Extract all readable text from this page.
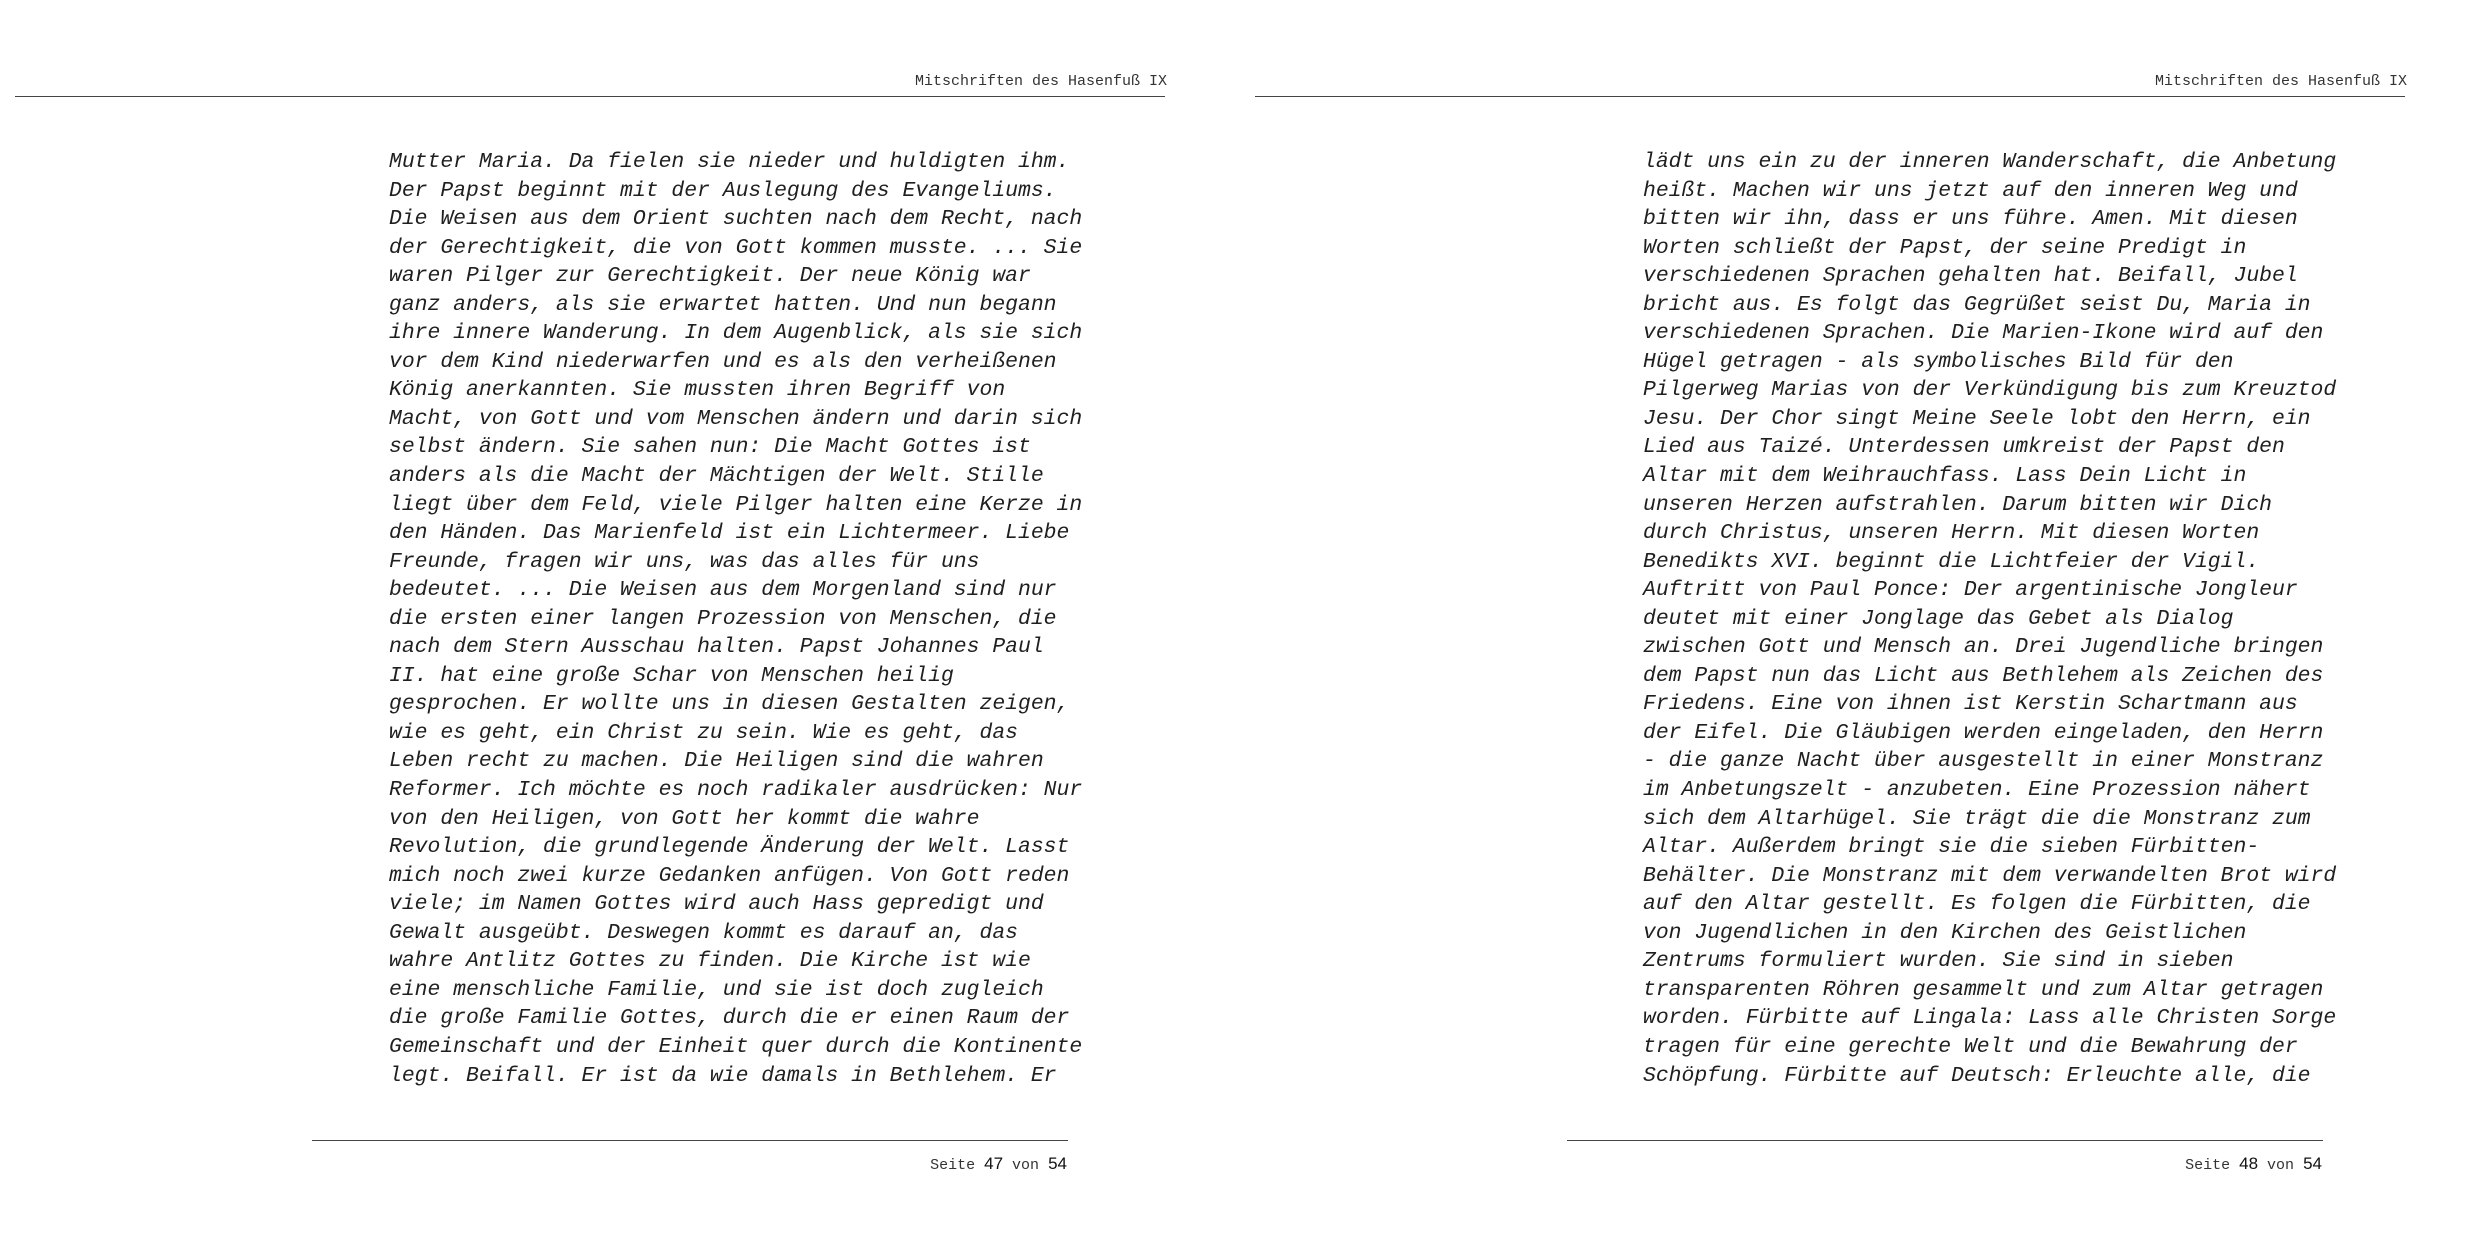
Mitschriften des Hasenfuß IX
Mutter Maria. Da fielen sie nieder und huldigten ihm.
Der Papst beginnt mit der Auslegung des Evangeliums.
Die Weisen aus dem Orient suchten nach dem Recht, nach
der Gerechtigkeit, die von Gott kommen musste. ... Sie
waren Pilger zur Gerechtigkeit. Der neue König war
ganz anders, als sie erwartet hatten. Und nun begann
ihre innere Wanderung. In dem Augenblick, als sie sich
vor dem Kind niederwarfen und es als den verheißenen
König anerkannten. Sie mussten ihren Begriff von
Macht, von Gott und vom Menschen ändern und darin sich
selbst ändern. Sie sahen nun: Die Macht Gottes ist
anders als die Macht der Mächtigen der Welt. Stille
liegt über dem Feld, viele Pilger halten eine Kerze in
den Händen. Das Marienfeld ist ein Lichtermeer. Liebe
Freunde, fragen wir uns, was das alles für uns
bedeutet. ... Die Weisen aus dem Morgenland sind nur
die ersten einer langen Prozession von Menschen, die
nach dem Stern Ausschau halten. Papst Johannes Paul
II. hat eine große Schar von Menschen heilig
gesprochen. Er wollte uns in diesen Gestalten zeigen,
wie es geht, ein Christ zu sein. Wie es geht, das
Leben recht zu machen. Die Heiligen sind die wahren
Reformer. Ich möchte es noch radikaler ausdrücken: Nur
von den Heiligen, von Gott her kommt die wahre
Revolution, die grundlegende Änderung der Welt. Lasst
mich noch zwei kurze Gedanken anfügen. Von Gott reden
viele; im Namen Gottes wird auch Hass gepredigt und
Gewalt ausgeübt. Deswegen kommt es darauf an, das
wahre Antlitz Gottes zu finden. Die Kirche ist wie
eine menschliche Familie, und sie ist doch zugleich
die große Familie Gottes, durch die er einen Raum der
Gemeinschaft und der Einheit quer durch die Kontinente
legt. Beifall. Er ist da wie damals in Bethlehem. Er
Seite 47 von 54
Mitschriften des Hasenfuß IX
lädt uns ein zu der inneren Wanderschaft, die Anbetung
heißt. Machen wir uns jetzt auf den inneren Weg und
bitten wir ihn, dass er uns führe. Amen. Mit diesen
Worten schließt der Papst, der seine Predigt in
verschiedenen Sprachen gehalten hat. Beifall, Jubel
bricht aus. Es folgt das Gegrüßet seist Du, Maria in
verschiedenen Sprachen. Die Marien-Ikone wird auf den
Hügel getragen - als symbolisches Bild für den
Pilgerweg Marias von der Verkündigung bis zum Kreuztod
Jesu. Der Chor singt Meine Seele lobt den Herrn, ein
Lied aus Taizé. Unterdessen umkreist der Papst den
Altar mit dem Weihrauchfass. Lass Dein Licht in
unseren Herzen aufstrahlen. Darum bitten wir Dich
durch Christus, unseren Herrn. Mit diesen Worten
Benedikts XVI. beginnt die Lichtfeier der Vigil.
Auftritt von Paul Ponce: Der argentinische Jongleur
deutet mit einer Jonglage das Gebet als Dialog
zwischen Gott und Mensch an. Drei Jugendliche bringen
dem Papst nun das Licht aus Bethlehem als Zeichen des
Friedens. Eine von ihnen ist Kerstin Schartmann aus
der Eifel. Die Gläubigen werden eingeladen, den Herrn
- die ganze Nacht über ausgestellt in einer Monstranz
im Anbetungszelt - anzubeten. Eine Prozession nähert
sich dem Altarhügel. Sie trägt die die Monstranz zum
Altar. Außerdem bringt sie die sieben Fürbitten-
Behälter. Die Monstranz mit dem verwandelten Brot wird
auf den Altar gestellt. Es folgen die Fürbitten, die
von Jugendlichen in den Kirchen des Geistlichen
Zentrums formuliert wurden. Sie sind in sieben
transparenten Röhren gesammelt und zum Altar getragen
worden. Fürbitte auf Lingala: Lass alle Christen Sorge
tragen für eine gerechte Welt und die Bewahrung der
Schöpfung. Fürbitte auf Deutsch: Erleuchte alle, die
Seite 48 von 54
